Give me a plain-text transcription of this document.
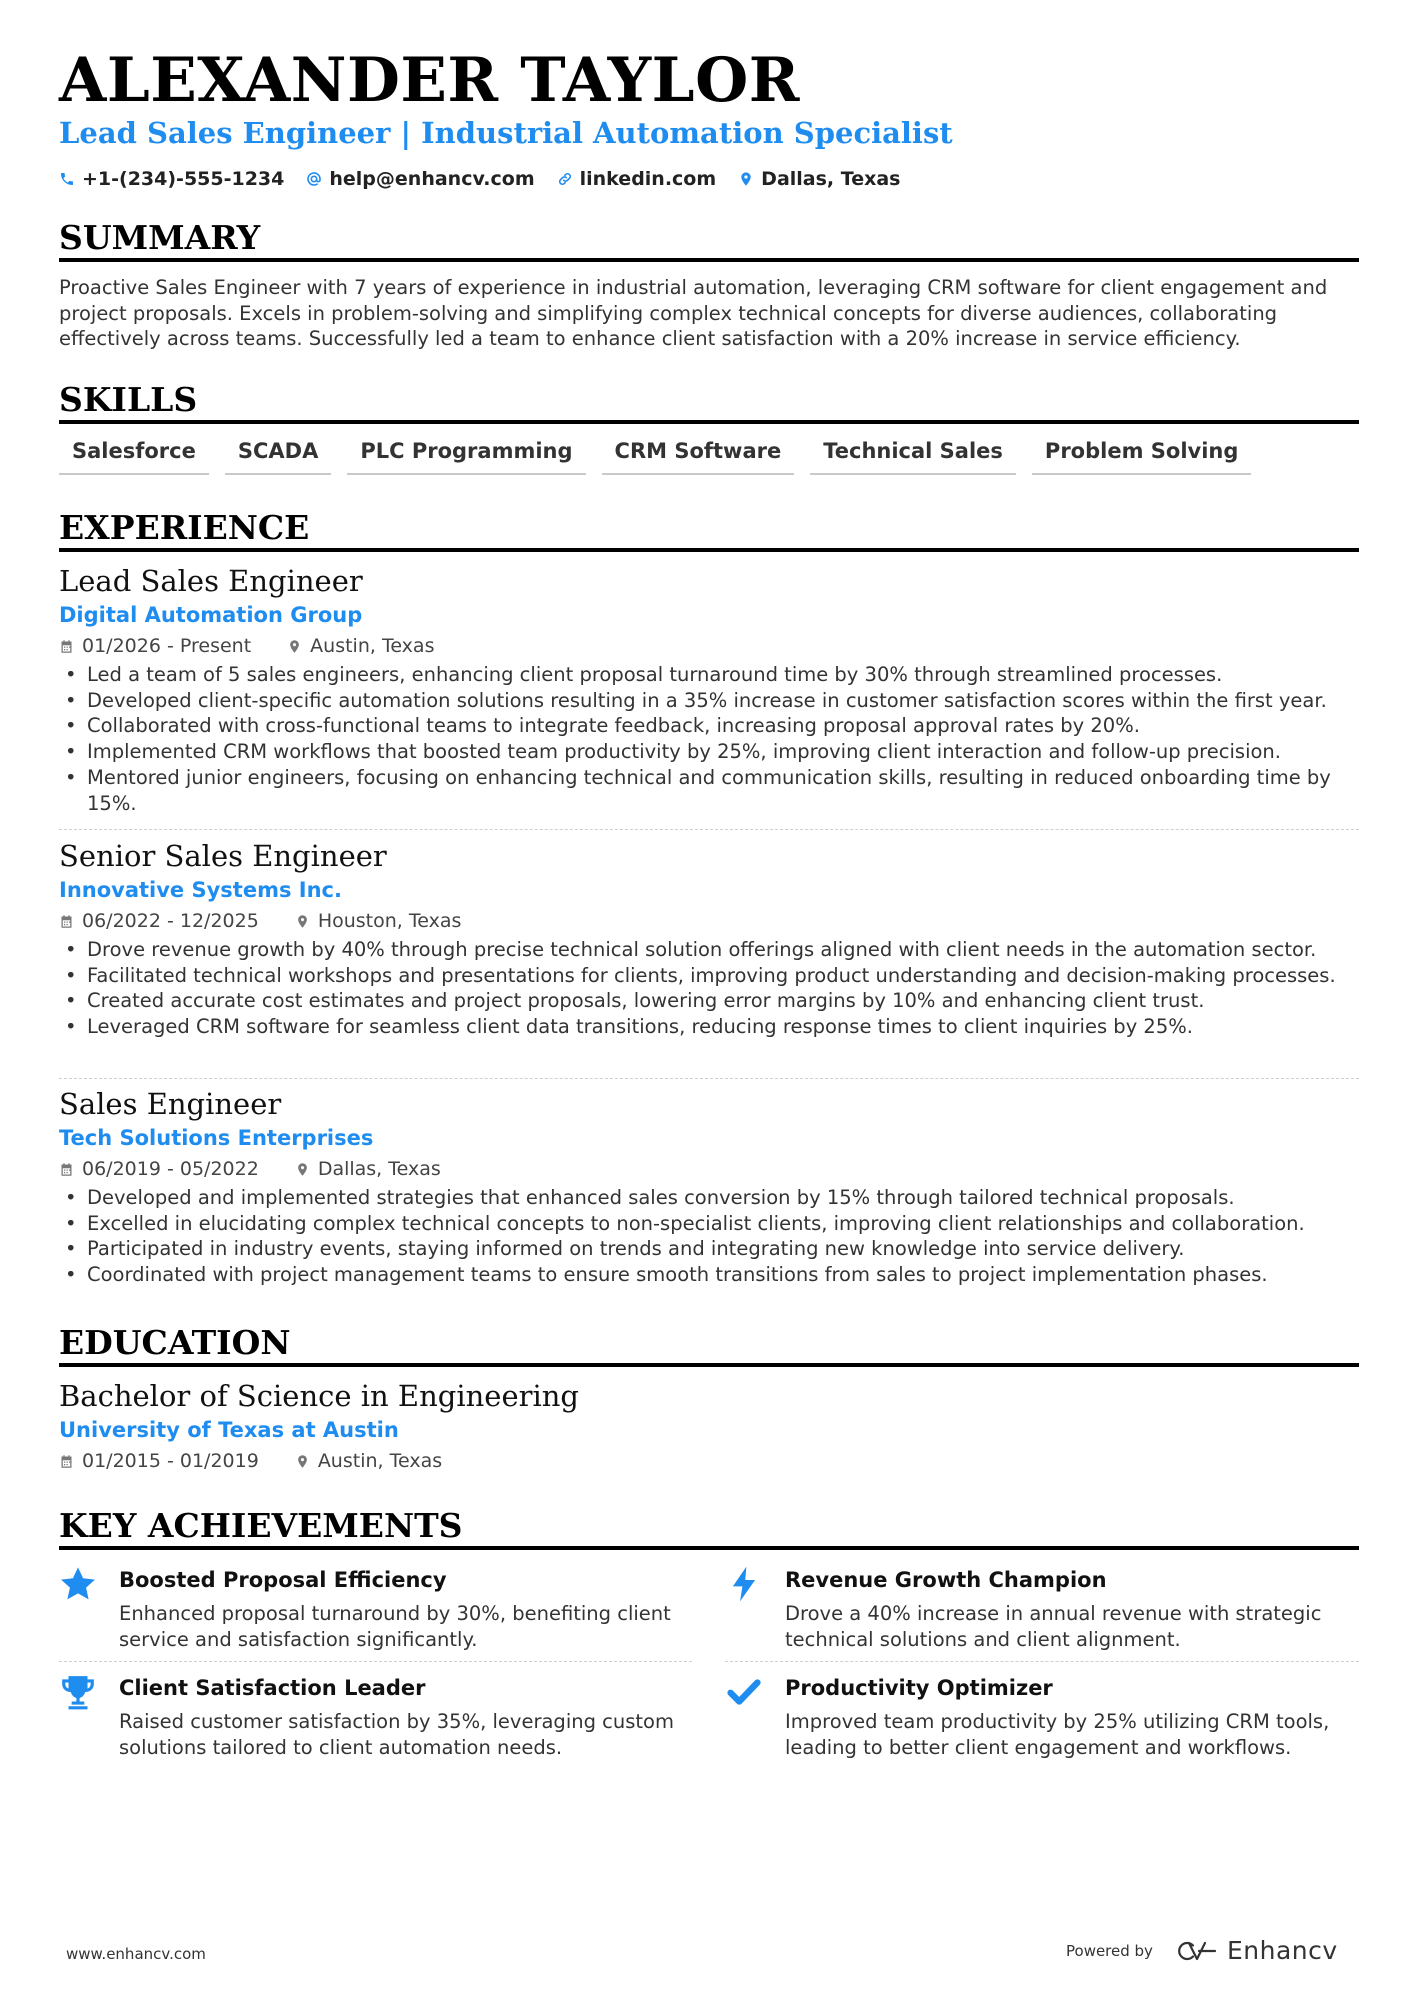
ALEXANDER TAYLOR
Lead Sales Engineer | Industrial Automation Specialist
+1-(234)-555-1234 help@enhancv.com linkedin.com Dallas, Texas
SUMMARY
Proactive Sales Engineer with 7 years of experience in industrial automation, leveraging CRM software for client engagement and project proposals. Excels in problem-solving and simplifying complex technical concepts for diverse audiences, collaborating effectively across teams. Successfully led a team to enhance client satisfaction with a 20% increase in service efficiency.
SKILLS
Salesforce	SCADA	PLC Programming	CRM Software	Technical Sales	Problem Solving
EXPERIENCE
Lead Sales Engineer
Digital Automation Group
01/2026 - Present	Austin, Texas
• Led a team of 5 sales engineers, enhancing client proposal turnaround time by 30% through streamlined processes.
• Developed client-specific automation solutions resulting in a 35% increase in customer satisfaction scores within the first year.
• Collaborated with cross-functional teams to integrate feedback, increasing proposal approval rates by 20%.
• Implemented CRM workflows that boosted team productivity by 25%, improving client interaction and follow-up precision.
• Mentored junior engineers, focusing on enhancing technical and communication skills, resulting in reduced onboarding time by 15%.
Senior Sales Engineer
Innovative Systems Inc.
06/2022 - 12/2025	Houston, Texas
• Drove revenue growth by 40% through precise technical solution offerings aligned with client needs in the automation sector.
• Facilitated technical workshops and presentations for clients, improving product understanding and decision-making processes.
• Created accurate cost estimates and project proposals, lowering error margins by 10% and enhancing client trust.
• Leveraged CRM software for seamless client data transitions, reducing response times to client inquiries by 25%.
Sales Engineer
Tech Solutions Enterprises
06/2019 - 05/2022	Dallas, Texas
• Developed and implemented strategies that enhanced sales conversion by 15% through tailored technical proposals.
• Excelled in elucidating complex technical concepts to non-specialist clients, improving client relationships and collaboration.
• Participated in industry events, staying informed on trends and integrating new knowledge into service delivery.
• Coordinated with project management teams to ensure smooth transitions from sales to project implementation phases.
EDUCATION
Bachelor of Science in Engineering
University of Texas at Austin
01/2015 - 01/2019	Austin, Texas
KEY ACHIEVEMENTS
Boosted Proposal Efficiency
Enhanced proposal turnaround by 30%, benefiting client service and satisfaction significantly.
Revenue Growth Champion
Drove a 40% increase in annual revenue with strategic technical solutions and client alignment.
Client Satisfaction Leader
Raised customer satisfaction by 35%, leveraging custom solutions tailored to client automation needs.
Productivity Optimizer
Improved team productivity by 25% utilizing CRM tools, leading to better client engagement and workflows.
www.enhancv.com	Powered by	Enhancv
